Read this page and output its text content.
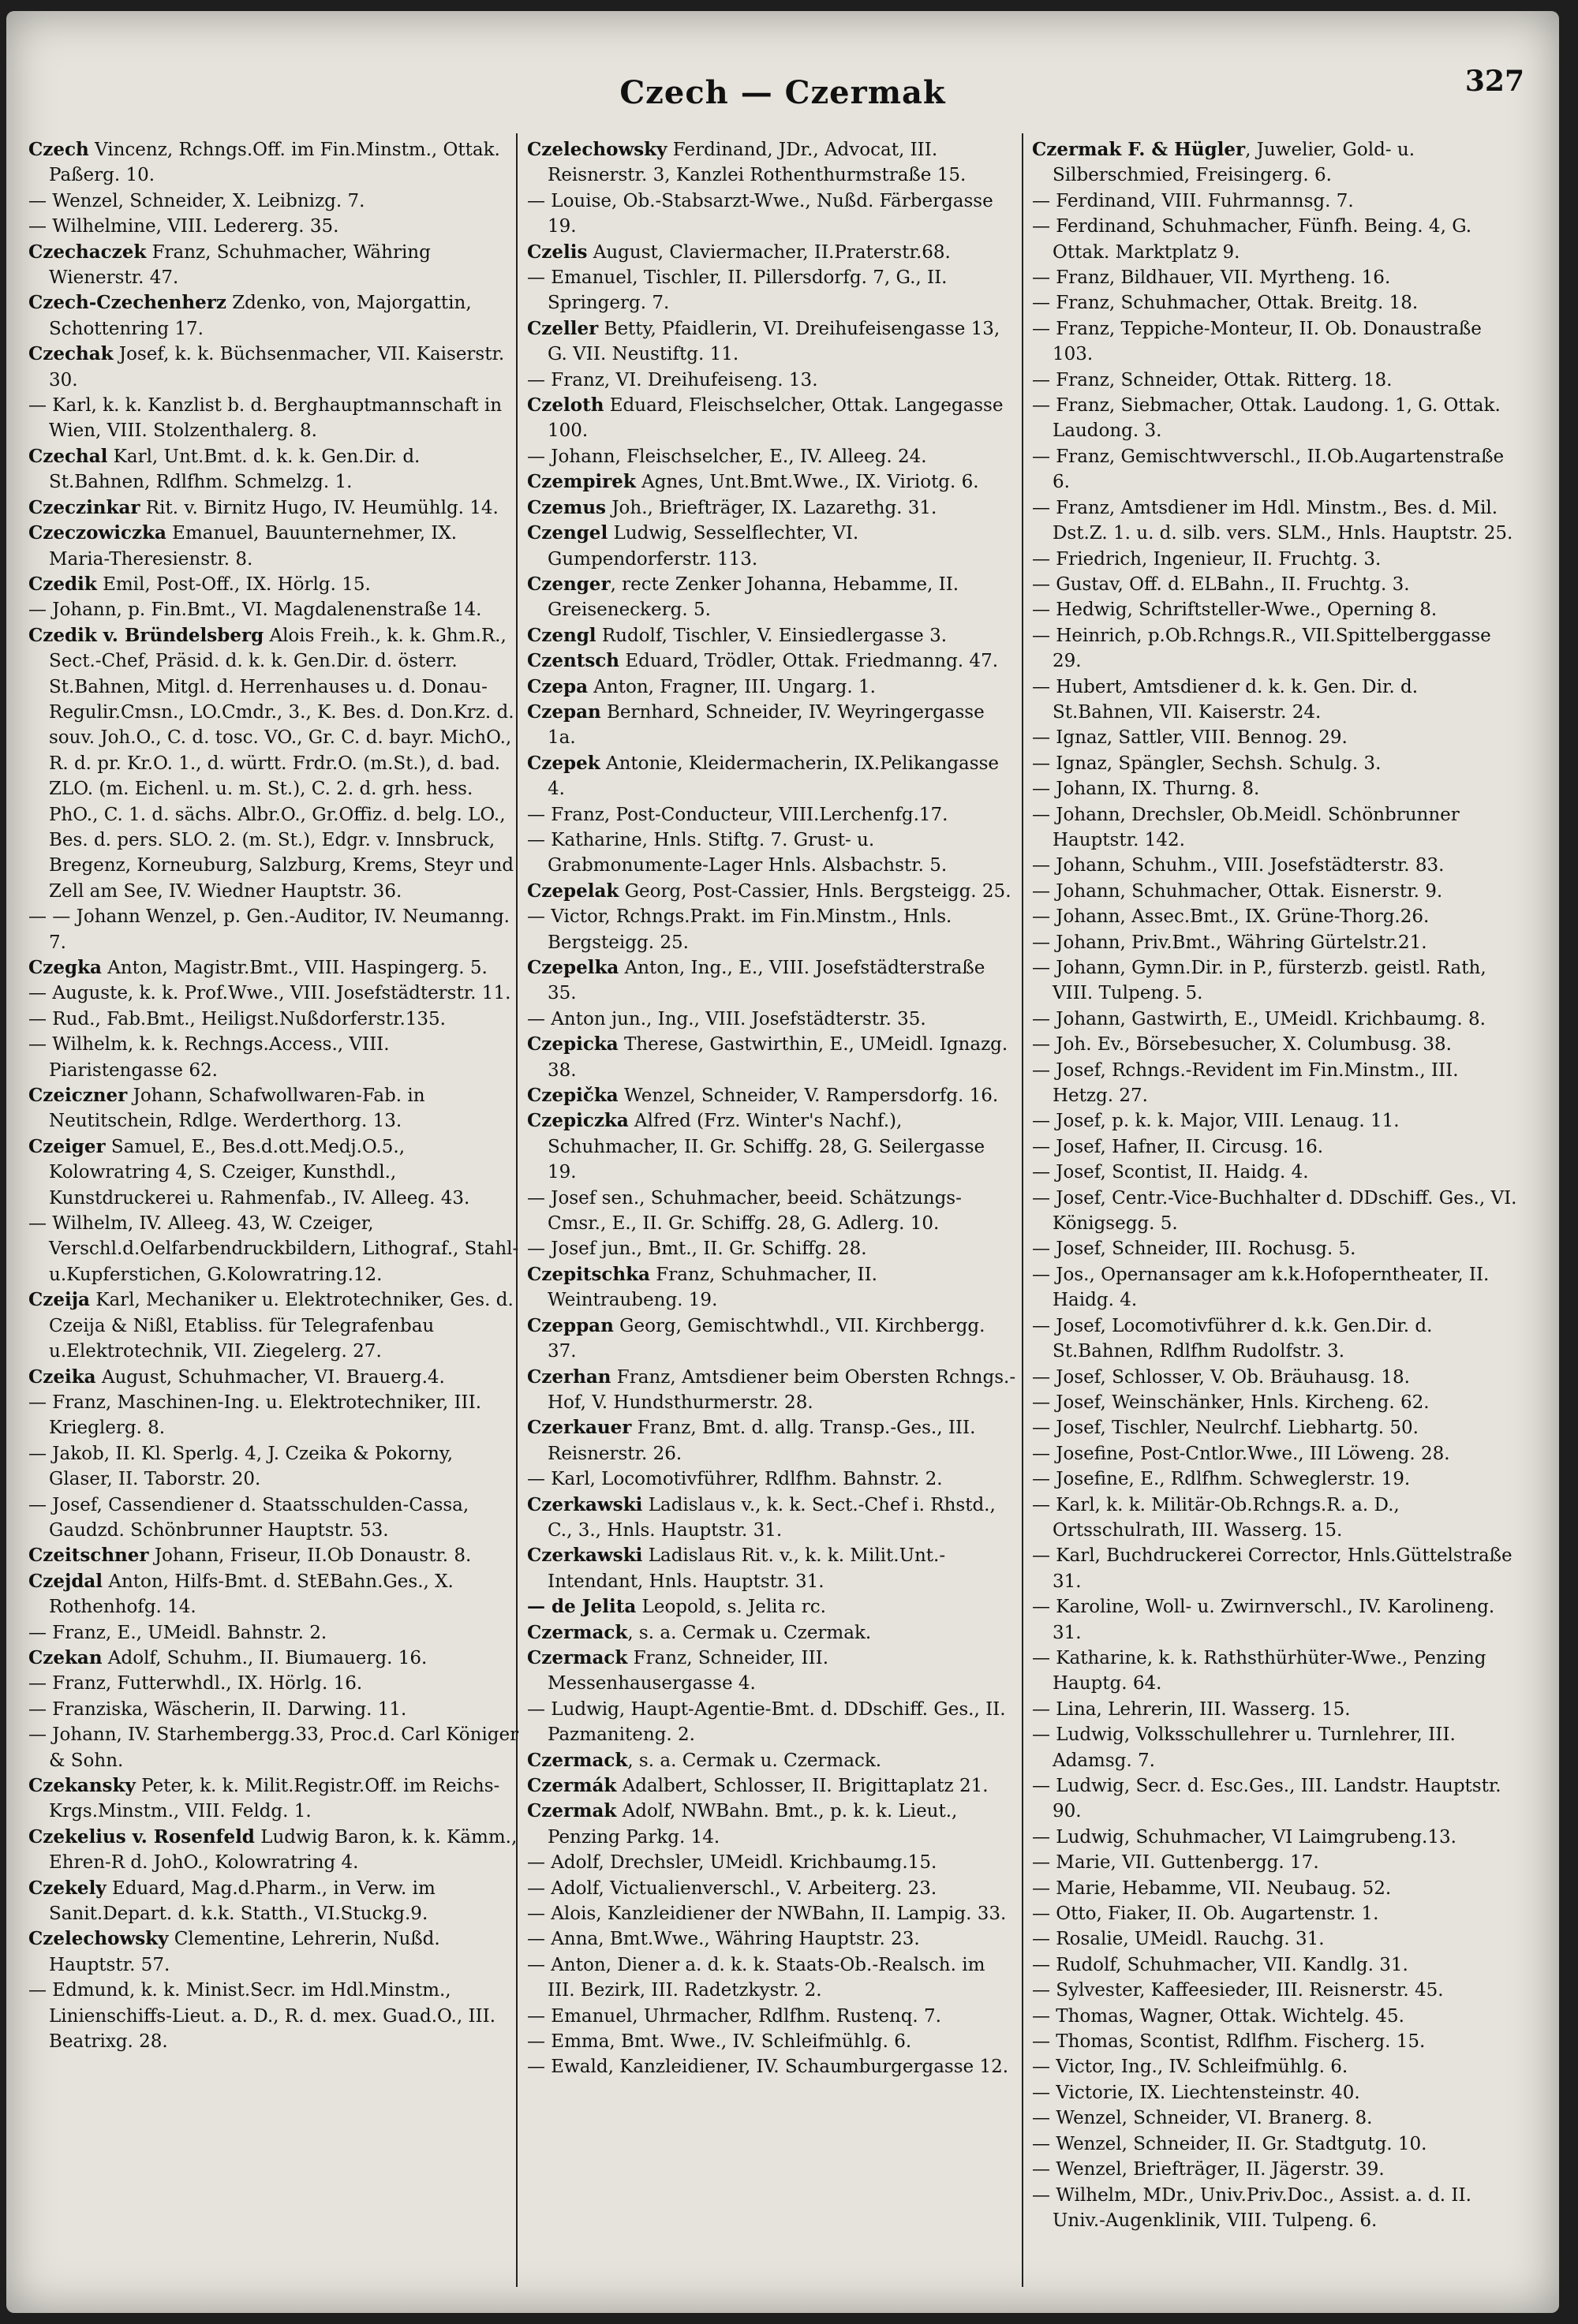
Czech — Czermak	327
Czech Vincenz, Rchngs.Off. im Fin.Minstm., Ottak. Paßerg. 10.
— Wenzel, Schneider, X. Leibnizg. 7.
— Wilhelmine, VIII. Ledererg. 35.
Czechaczek Franz, Schuhmacher, Währing Wienerstr. 47.
Czech-Czechenherz Zdenko, von, Majorgattin, Schottenring 17.
Czechak Josef, k. k. Büchsenmacher, VII. Kaiserstr. 30.
— Karl, k. k. Kanzlist b. d. Berghauptmannschaft in Wien, VIII. Stolzenthalerg. 8.
Czechal Karl, Unt.Bmt. d. k. k. Gen.Dir. d. St.Bahnen, Rdlfhm. Schmelzg. 1.
Czeczinkar Rit. v. Birnitz Hugo, IV. Heumühlg. 14.
Czeczowiczka Emanuel, Bauunternehmer, IX. Maria-Theresienstr. 8.
Czedik Emil, Post-Off., IX. Hörlg. 15.
— Johann, p. Fin.Bmt., VI. Magdalenenstraße 14.
Czedik v. Bründelsberg Alois Freih., k. k. Ghm.R., Sect.-Chef, Präsid. d. k. k. Gen.Dir. d. österr. St.Bahnen, Mitgl. d. Herrenhauses u. d. Donau-Regulir.Cmsn., LO.Cmdr., 3., K. Bes. d. Don.Krz. d. souv. Joh.O., C. d. tosc. VO., Gr. C. d. bayr. MichO., R. d. pr. Kr.O. 1., d. württ. Frdr.O. (m.St.), d. bad. ZLO. (m. Eichenl. u. m. St.), C. 2. d. grh. hess. PhO., C. 1. d. sächs. Albr.O., Gr.Offiz. d. belg. LO., Bes. d. pers. SLO. 2. (m. St.), Edgr. v. Innsbruck, Bregenz, Korneuburg, Salzburg, Krems, Steyr und Zell am See, IV. Wiedner Hauptstr. 36.
— — Johann Wenzel, p. Gen.-Auditor, IV. Neumanng. 7.
Czegka Anton, Magistr.Bmt., VIII. Haspingerg. 5.
— Auguste, k. k. Prof.Wwe., VIII. Josefstädterstr. 11.
— Rud., Fab.Bmt., Heiligst.Nußdorferstr.135.
— Wilhelm, k. k. Rechngs.Access., VIII. Piaristengasse 62.
Czeiczner Johann, Schafwollwaren-Fab. in Neutitschein, Rdlge. Werderthorg. 13.
Czeiger Samuel, E., Bes.d.ott.Medj.O.5., Kolowratring 4, S. Czeiger, Kunsthdl., Kunstdruckerei u. Rahmenfab., IV. Alleeg. 43.
— Wilhelm, IV. Alleeg. 43, W. Czeiger, Verschl.d.Oelfarbendruckbildern, Lithograf., Stahl-u.Kupferstichen, G.Kolowratring.12.
Czeija Karl, Mechaniker u. Elektrotechniker, Ges. d. Czeija & Nißl, Etabliss. für Telegrafenbau u.Elektrotechnik, VII. Ziegelerg. 27.
Czeika August, Schuhmacher, VI. Brauerg.4.
— Franz, Maschinen-Ing. u. Elektrotechniker, III. Krieglerg. 8.
— Jakob, II. Kl. Sperlg. 4, J. Czeika & Pokorny, Glaser, II. Taborstr. 20.
— Josef, Cassendiener d. Staatsschulden-Cassa, Gaudzd. Schönbrunner Hauptstr. 53.
Czeitschner Johann, Friseur, II.Ob Donaustr. 8.
Czejdal Anton, Hilfs-Bmt. d. StEBahn.Ges., X. Rothenhofg. 14.
— Franz, E., UMeidl. Bahnstr. 2.
Czekan Adolf, Schuhm., II. Biumauerg. 16.
— Franz, Futterwhdl., IX. Hörlg. 16.
— Franziska, Wäscherin, II. Darwing. 11.
— Johann, IV. Starhembergg.33, Proc.d. Carl Königer & Sohn.
Czekansky Peter, k. k. Milit.Registr.Off. im Reichs-Krgs.Minstm., VIII. Feldg. 1.
Czekelius v. Rosenfeld Ludwig Baron, k. k. Kämm., Ehren-R d. JohO., Kolowratring 4.
Czekely Eduard, Mag.d.Pharm., in Verw. im Sanit.Depart. d. k.k. Statth., VI.Stuckg.9.
Czelechowsky Clementine, Lehrerin, Nußd. Hauptstr. 57.
— Edmund, k. k. Minist.Secr. im Hdl.Minstm., Linienschiffs-Lieut. a. D., R. d. mex. Guad.O., III. Beatrixg. 28.
Czelechowsky Ferdinand, JDr., Advocat, III. Reisnerstr. 3, Kanzlei Rothenthurmstraße 15.
— Louise, Ob.-Stabsarzt-Wwe., Nußd. Färbergasse 19.
Czelis August, Claviermacher, II.Praterstr.68.
— Emanuel, Tischler, II. Pillersdorfg. 7, G., II. Springerg. 7.
Czeller Betty, Pfaidlerin, VI. Dreihufeisengasse 13, G. VII. Neustiftg. 11.
— Franz, VI. Dreihufeiseng. 13.
Czeloth Eduard, Fleischselcher, Ottak. Langegasse 100.
— Johann, Fleischselcher, E., IV. Alleeg. 24.
Czempirek Agnes, Unt.Bmt.Wwe., IX. Viriotg. 6.
Czemus Joh., Briefträger, IX. Lazarethg. 31.
Czengel Ludwig, Sesselflechter, VI. Gumpendorferstr. 113.
Czenger, recte Zenker Johanna, Hebamme, II. Greiseneckerg. 5.
Czengl Rudolf, Tischler, V. Einsiedlergasse 3.
Czentsch Eduard, Trödler, Ottak. Friedmanng. 47.
Czepa Anton, Fragner, III. Ungarg. 1.
Czepan Bernhard, Schneider, IV. Weyringergasse 1a.
Czepek Antonie, Kleidermacherin, IX.Pelikangasse 4.
— Franz, Post-Conducteur, VIII.Lerchenfg.17.
— Katharine, Hnls. Stiftg. 7. Grust- u. Grabmonumente-Lager Hnls. Alsbachstr. 5.
Czepelak Georg, Post-Cassier, Hnls. Bergsteigg. 25.
— Victor, Rchngs.Prakt. im Fin.Minstm., Hnls. Bergsteigg. 25.
Czepelka Anton, Ing., E., VIII. Josefstädterstraße 35.
— Anton jun., Ing., VIII. Josefstädterstr. 35.
Czepicka Therese, Gastwirthin, E., UMeidl. Ignazg. 38.
Czepička Wenzel, Schneider, V. Rampersdorfg. 16.
Czepiczka Alfred (Frz. Winter's Nachf.), Schuhmacher, II. Gr. Schiffg. 28, G. Seilergasse 19.
— Josef sen., Schuhmacher, beeid. Schätzungs-Cmsr., E., II. Gr. Schiffg. 28, G. Adlerg. 10.
— Josef jun., Bmt., II. Gr. Schiffg. 28.
Czepitschka Franz, Schuhmacher, II. Weintraubeng. 19.
Czeppan Georg, Gemischtwhdl., VII. Kirchbergg. 37.
Czerhan Franz, Amtsdiener beim Obersten Rchngs.-Hof, V. Hundsthurmerstr. 28.
Czerkauer Franz, Bmt. d. allg. Transp.-Ges., III. Reisnerstr. 26.
— Karl, Locomotivführer, Rdlfhm. Bahnstr. 2.
Czerkawski Ladislaus v., k. k. Sect.-Chef i. Rhstd., C., 3., Hnls. Hauptstr. 31.
Czerkawski Ladislaus Rit. v., k. k. Milit.Unt.-Intendant, Hnls. Hauptstr. 31.
— de Jelita Leopold, s. Jelita rc.
Czermack, s. a. Cermak u. Czermak.
Czermack Franz, Schneider, III. Messenhausergasse 4.
— Ludwig, Haupt-Agentie-Bmt. d. DDschiff. Ges., II. Pazmaniteng. 2.
Czermack, s. a. Cermak u. Czermack.
Czermák Adalbert, Schlosser, II. Brigittaplatz 21.
Czermak Adolf, NWBahn. Bmt., p. k. k. Lieut., Penzing Parkg. 14.
— Adolf, Drechsler, UMeidl. Krichbaumg.15.
— Adolf, Victualienverschl., V. Arbeiterg. 23.
— Alois, Kanzleidiener der NWBahn, II. Lampig. 33.
— Anna, Bmt.Wwe., Währing Hauptstr. 23.
— Anton, Diener a. d. k. k. Staats-Ob.-Realsch. im III. Bezirk, III. Radetzkystr. 2.
— Emanuel, Uhrmacher, Rdlfhm. Rustenq. 7.
— Emma, Bmt. Wwe., IV. Schleifmühlg. 6.
— Ewald, Kanzleidiener, IV. Schaumburgergasse 12.
Czermak F. & Hügler, Juwelier, Gold- u. Silberschmied, Freisingerg. 6.
— Ferdinand, VIII. Fuhrmannsg. 7.
— Ferdinand, Schuhmacher, Fünfh. Being. 4, G. Ottak. Marktplatz 9.
— Franz, Bildhauer, VII. Myrtheng. 16.
— Franz, Schuhmacher, Ottak. Breitg. 18.
— Franz, Teppiche-Monteur, II. Ob. Donaustraße 103.
— Franz, Schneider, Ottak. Ritterg. 18.
— Franz, Siebmacher, Ottak. Laudong. 1, G. Ottak. Laudong. 3.
— Franz, Gemischtwverschl., II.Ob.Augartenstraße 6.
— Franz, Amtsdiener im Hdl. Minstm., Bes. d. Mil. Dst.Z. 1. u. d. silb. vers. SLM., Hnls. Hauptstr. 25.
— Friedrich, Ingenieur, II. Fruchtg. 3.
— Gustav, Off. d. ELBahn., II. Fruchtg. 3.
— Hedwig, Schriftsteller-Wwe., Operning 8.
— Heinrich, p.Ob.Rchngs.R., VII.Spittelberggasse 29.
— Hubert, Amtsdiener d. k. k. Gen. Dir. d. St.Bahnen, VII. Kaiserstr. 24.
— Ignaz, Sattler, VIII. Bennog. 29.
— Ignaz, Spängler, Sechsh. Schulg. 3.
— Johann, IX. Thurng. 8.
— Johann, Drechsler, Ob.Meidl. Schönbrunner Hauptstr. 142.
— Johann, Schuhm., VIII. Josefstädterstr. 83.
— Johann, Schuhmacher, Ottak. Eisnerstr. 9.
— Johann, Assec.Bmt., IX. Grüne-Thorg.26.
— Johann, Priv.Bmt., Währing Gürtelstr.21.
— Johann, Gymn.Dir. in P., fürsterzb. geistl. Rath, VIII. Tulpeng. 5.
— Johann, Gastwirth, E., UMeidl. Krichbaumg. 8.
— Joh. Ev., Börsebesucher, X. Columbusg. 38.
— Josef, Rchngs.-Revident im Fin.Minstm., III. Hetzg. 27.
— Josef, p. k. k. Major, VIII. Lenaug. 11.
— Josef, Hafner, II. Circusg. 16.
— Josef, Scontist, II. Haidg. 4.
— Josef, Centr.-Vice-Buchhalter d. DDschiff. Ges., VI. Königsegg. 5.
— Josef, Schneider, III. Rochusg. 5.
— Jos., Opernansager am k.k.Hofoperntheater, II. Haidg. 4.
— Josef, Locomotivführer d. k.k. Gen.Dir. d. St.Bahnen, Rdlfhm Rudolfstr. 3.
— Josef, Schlosser, V. Ob. Bräuhausg. 18.
— Josef, Weinschänker, Hnls. Kircheng. 62.
— Josef, Tischler, Neulrchf. Liebhartg. 50.
— Josefine, Post-Cntlor.Wwe., III Löweng. 28.
— Josefine, E., Rdlfhm. Schweglerstr. 19.
— Karl, k. k. Militär-Ob.Rchngs.R. a. D., Ortsschulrath, III. Wasserg. 15.
— Karl, Buchdruckerei Corrector, Hnls.Güttelstraße 31.
— Karoline, Woll- u. Zwirnverschl., IV. Karolineng. 31.
— Katharine, k. k. Rathsthürhüter-Wwe., Penzing Hauptg. 64.
— Lina, Lehrerin, III. Wasserg. 15.
— Ludwig, Volksschullehrer u. Turnlehrer, III. Adamsg. 7.
— Ludwig, Secr. d. Esc.Ges., III. Landstr. Hauptstr. 90.
— Ludwig, Schuhmacher, VI Laimgrubeng.13.
— Marie, VII. Guttenbergg. 17.
— Marie, Hebamme, VII. Neubaug. 52.
— Otto, Fiaker, II. Ob. Augartenstr. 1.
— Rosalie, UMeidl. Rauchg. 31.
— Rudolf, Schuhmacher, VII. Kandlg. 31.
— Sylvester, Kaffeesieder, III. Reisnerstr. 45.
— Thomas, Wagner, Ottak. Wichtelg. 45.
— Thomas, Scontist, Rdlfhm. Fischerg. 15.
— Victor, Ing., IV. Schleifmühlg. 6.
— Victorie, IX. Liechtensteinstr. 40.
— Wenzel, Schneider, VI. Branerg. 8.
— Wenzel, Schneider, II. Gr. Stadtgutg. 10.
— Wenzel, Briefträger, II. Jägerstr. 39.
— Wilhelm, MDr., Univ.Priv.Doc., Assist. a. d. II. Univ.-Augenklinik, VIII. Tulpeng. 6.
